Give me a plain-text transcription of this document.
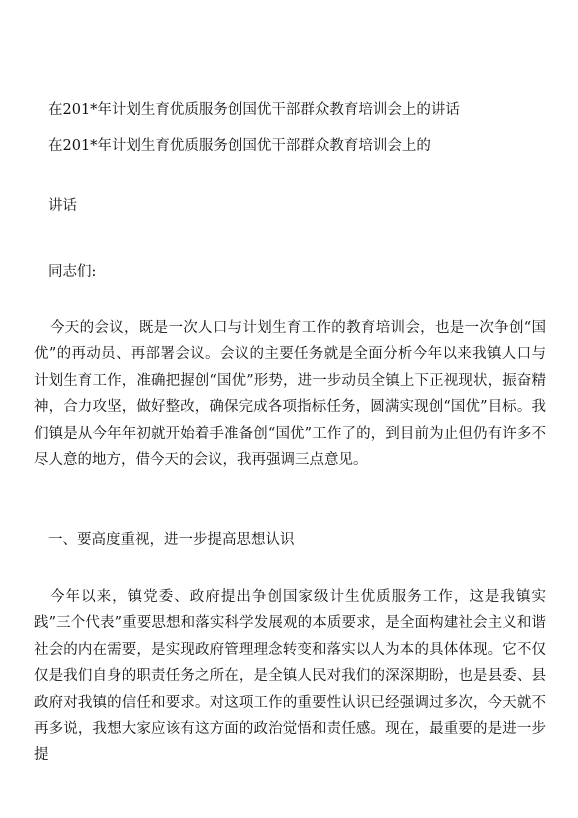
在201*年计划生育优质服务创国优干部群众教育培训会上的讲话
在201*年计划生育优质服务创国优干部群众教育培训会上的
讲话
同志们:

今天的会议，既是一次人口与计划生育工作的教育培训会，也是一次争创“国优”的再动员、再部署会议。会议的主要任务就是全面分析今年以来我镇人口与计划生育工作，准确把握创“国优”形势，进一步动员全镇上下正视现状，振奋精神，合力攻坚，做好整改，确保完成各项指标任务，圆满实现创“国优”目标。我们镇是从今年年初就开始着手准备创“国优”工作了的，到目前为止但仍有许多不尽人意的地方，借今天的会议，我再强调三点意见。

一、要高度重视，进一步提高思想认识

今年以来，镇党委、政府提出争创国家级计生优质服务工作，这是我镇实践”三个代表”重要思想和落实科学发展观的本质要求，是全面构建社会主义和谐社会的内在需要，是实现政府管理理念转变和落实以人为本的具体体现。它不仅仅是我们自身的职责任务之所在，是全镇人民对我们的深深期盼，也是县委、县政府对我镇的信任和要求。对这项工作的重要性认识已经强调过多次，今天就不再多说，我想大家应该有这方面的政治觉悟和责任感。现在，最重要的是进一步提
